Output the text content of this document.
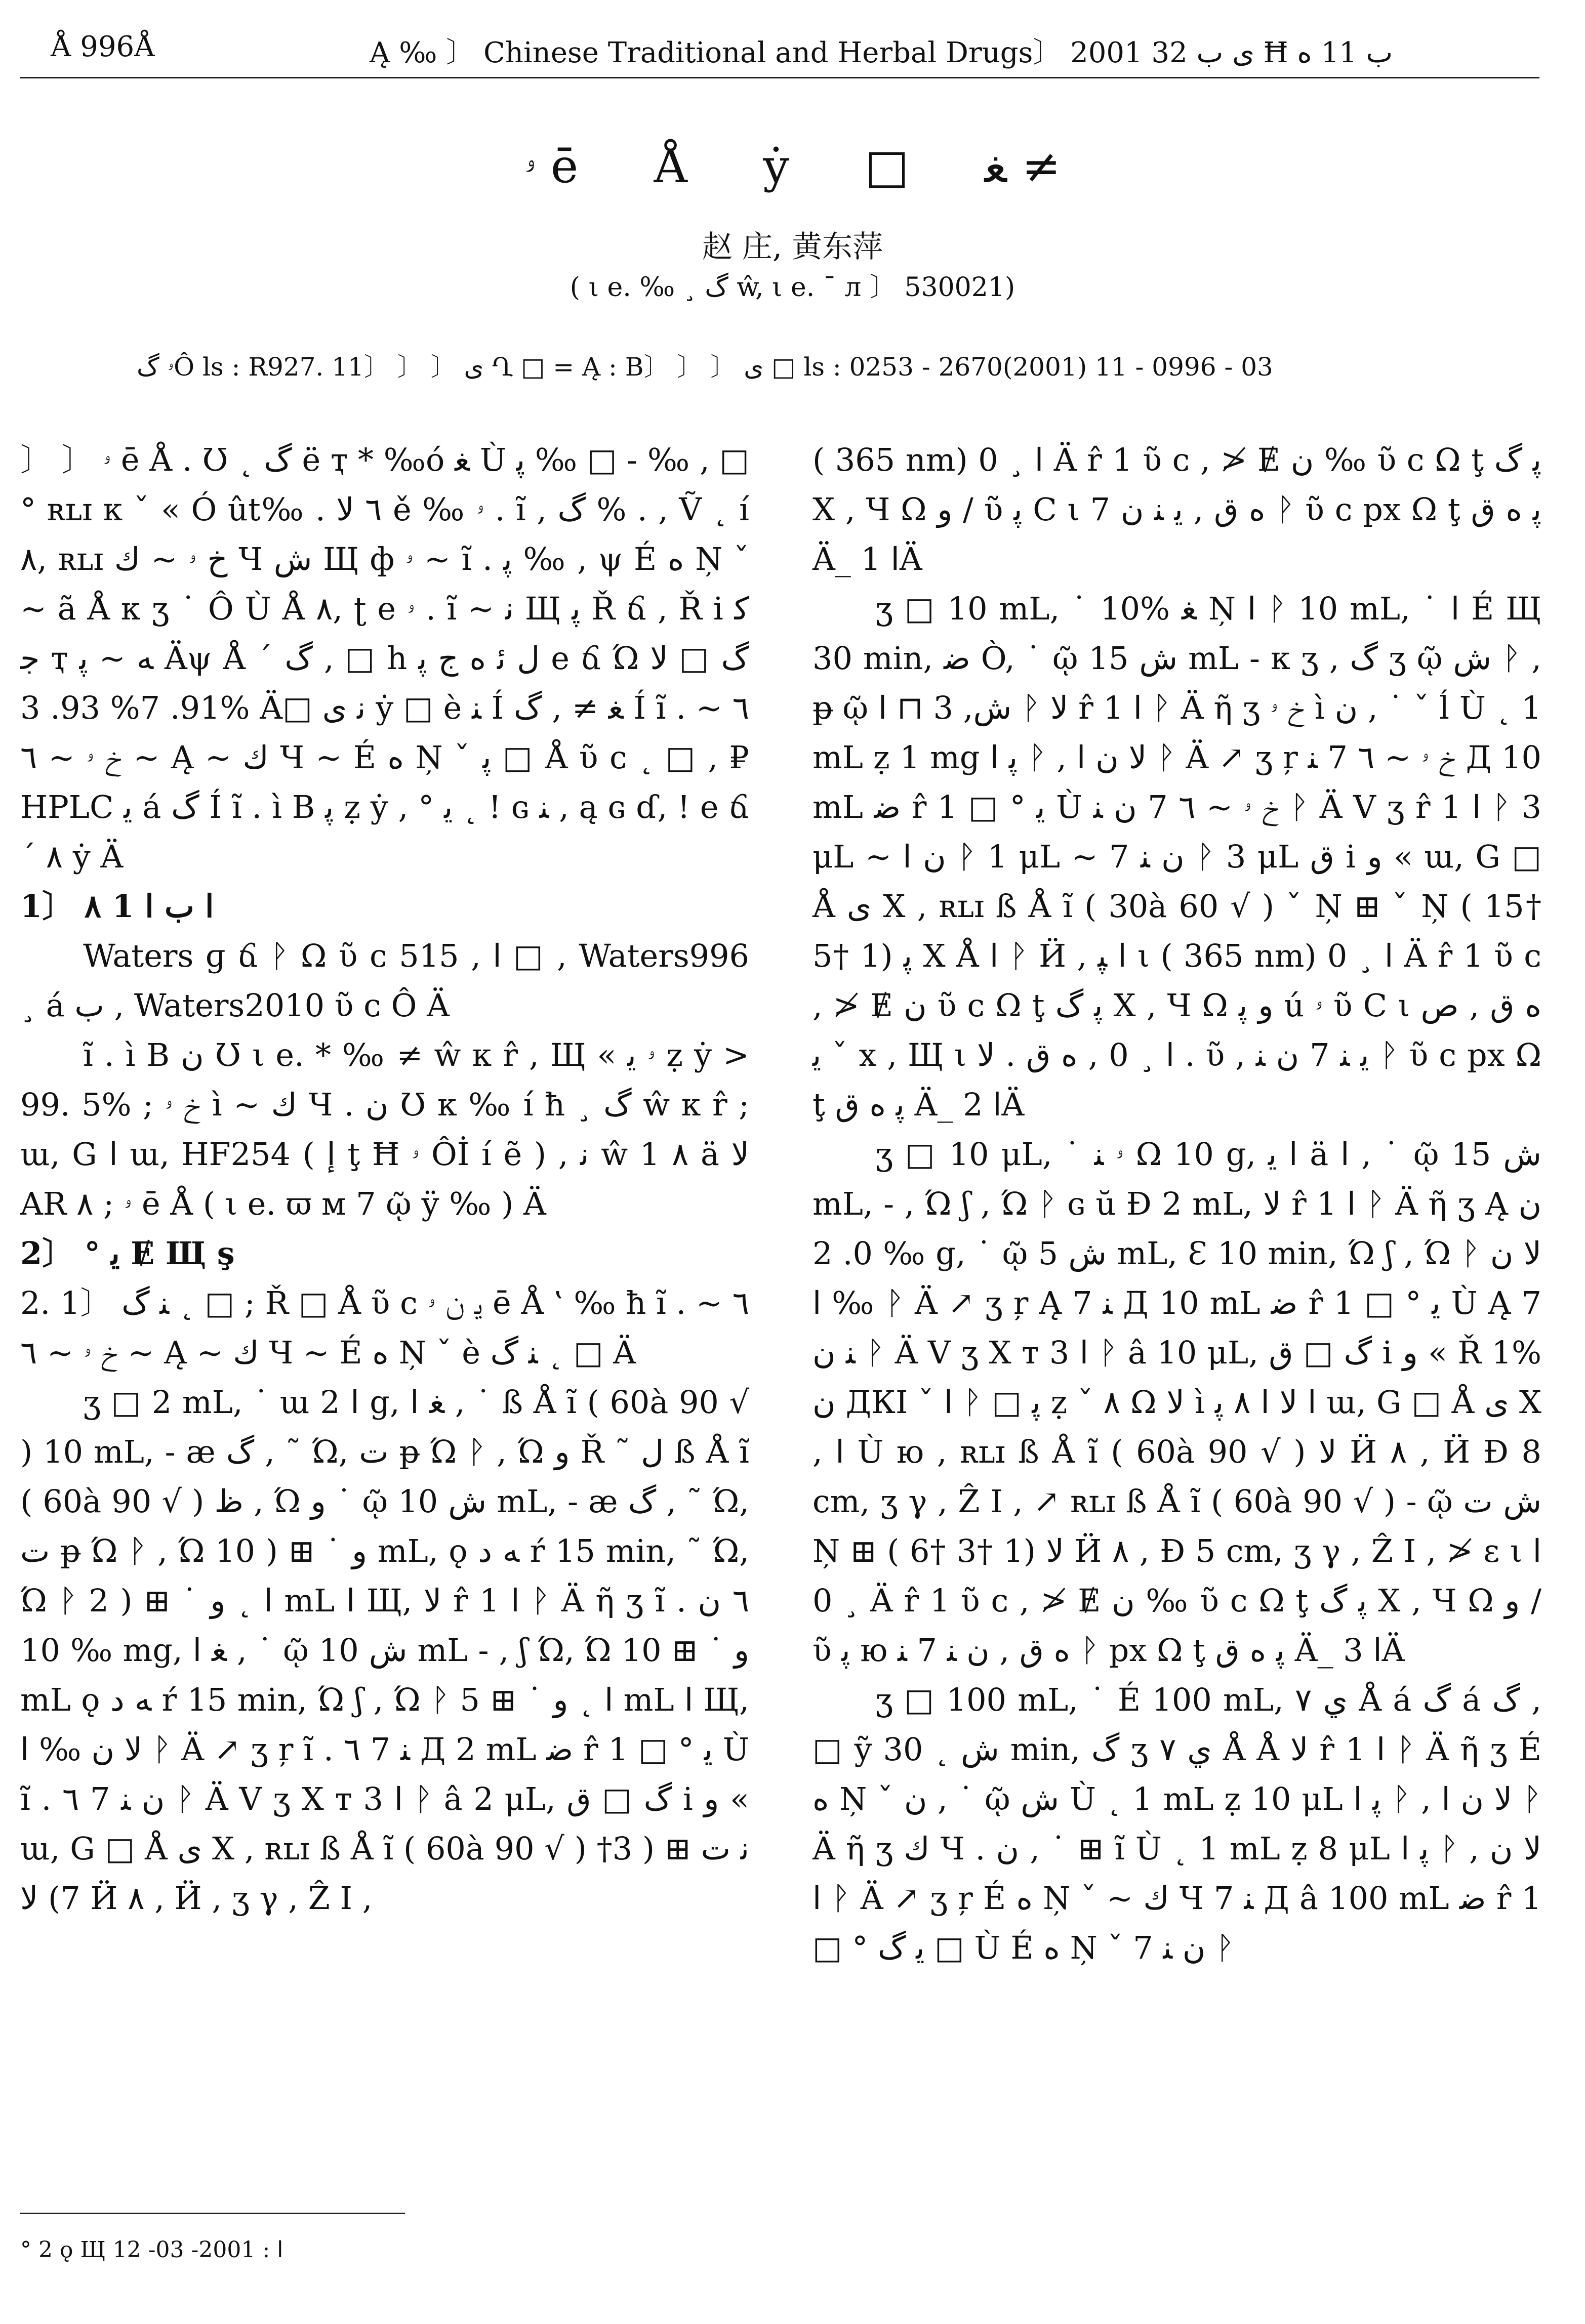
Å 996Å	Ą ‰ 〕 Chinese Traditional and Herbal Drugs〕 2001 ى ب 32 Ħ ب 11 ﻩ
ۥ ē Å ẏ □ ﻐ ≠
赵 庄, 黄东萍
( ι e. ‰ ¸ گ ŵ, ι e. ¯ л 〕 530021)
ۥ گÔ ls : R927. 11〕 〕 〕 ى Ղ □ = Ą : B〕 〕 〕 ى □ ls : 0253 - 2670(2001) 11 - 0996 - 03

〕 〕 ۥ ē Å . Ʊ ˛ گ ë ҭ * ‰ó ﻐ Ù ﭘ ‰ □ - ‰ , □ ° ʀʟɪ κ ˇ « Ó ût‰ . ٦ ﻻ ě ‰ ۥ . ĩ , گ % . , Ṽ ˛ í ۸, ʀʟɪ خ ۥ ~ ﻙ Ч ﺵ Щ ф ۥ ~ ĩ . ﭘ ‰ , ψ É ﻩ Ņ ˇ ~ ã Å κ ʒ ˙ Ô Ù Å ۸, ʈ e ۥ . ĩ ~ ﻧ Щ ﭘ Ř ճ , Ř i ﻛ ﺟ ҭ ﻪ ~ ﭘ Äψ Å ˊ گ , □ h ﻝ ﺋ ﻩ ﺝ ﭘ e ճ Ώ گ □ ﻻ 91. 7% 93. 3% Ä□ ﻧ ى ẏ □ è ﻨ Í ﻐ ≠ , گ Í ĩ . ٦ ~ خ ۥ ~ ٦ ~ Ą ~ ﻙ Ч ~ É ﻩ Ņ ˇ ﭘ □ Å ῦ ᴄ ˛ □ , ₽ HPLC ﯾ á گ Í ĩ . ì B ﭘ ẓ ẏ , ° ﯾ ˛ ! ɢ ﻨ , ą ɢ ɗ, ! e ճ ˊ ۸ ẏ Ä

1〕 ﺍ ب ﺍ 1 ۸

Waters ɡ ճ ᚹ Ω ῦ ᴄ ﺍ , 515 □ , Waters996 ¸ á ب , Waters2010 ῦ ᴄ Ô Ä

ĩ . ì B ﻥ Ʊ ι e. * ‰ ≠ ŵ κ r̂ , Щ « ۥ ﯾ ẓ ẏ > 99. 5% ; خ ۥ ì ~ ﻙ Ч . ﻥ Ʊ κ ‰ í ħ ¸ گ ŵ κ r̂ ; ɯ, G ﺍ ɯ, HF254 ( ﺇ ţ Ħ ۥ Ôİ í ẽ ) , ﻧ ŵ 1 ۸ ä ﻻ AR ۸ ; ۥ ē Å ( ι e. ϖ м 7 ῷ ÿ ‰ ) Ä

2〕 ° ﯾ Ɇ Щ ş

2. 1〕 ﻨ گ ˛ □ ; Ř □ Å ῦ ᴄ ﯾ ﻥ ۥ ē Å ‛ ‰ ħ ĩ . ٦ ~ خ ۥ ~ ٦ ~ Ą ~ ﻙ Ч ~ É ﻩ Ņ ˇ è ﻨ گ ˛ □ Ä

ʒ □ 2 mL, ˙ ɯ ﺍ 2 g, ﻐ ﺍ , ˙ ß Å ĩ ( 60à 90 √ ) 10 mL, - æ گ , ˜ Ώ, ت ᵽ Ώ ᚹ , Ώ ﻭ Ř ˜ ﻝ ß Å ĩ ( 60à 90 √ ) ظ , Ώ ﻭ ˙ ῷ ﺵ 10 mL, - æ گ , ˜ Ώ, ت ᵽ Ώ ᚹ , Ώ ﻭ ˙ ⊞ ( 10 mL, ǫ ﻪ ﺩ ŕ 15 min, ˜ Ώ, Ώ ᚹ ا ˛ ﻭ ˙ ⊞ ( 2 mL ﺍ Щ, ﻻ r̂ 1 ﺍ ᚹ Ä ῆ ʒ ĩ . ٦ ﻥ ‰ 10 mg, ﻐ ﺍ , ˙ ῷ ﺵ 10 mL - , ʃ Ώ, Ώ ﻭ ˙ ⊞ 10 mL ǫ ﻪ ﺩ ŕ 15 min, Ώ ʃ , Ώ ᚹ ا ˛ ﻭ ˙ ⊞ 5 mL ﺍ Щ, ﻻ ﻥ ‰ ﺍ ᚹ Ä ↗ ʒ ŗ ĩ . ٦ 7 ﻨ Д 2 mL ﺿ r̂ 1 □ ° ﯾ Ù ĩ . ٦ 7 ﻥ ﻨ ᚹ Ä V ʒ Χ т 3 ﺍ ᚹ â 2 μL, گ □ ﻕ i ﻭ « ɯ, G □ Å ى Χ , ʀʟɪ ß Å ĩ ( 60à 90 √ ) ﻧ ﺕ ⊞ ( 3† 7) ﻻ Ӥ ۸ , Ӥ , ʒ γ , Ẑ I ,

( 365 nm) ﺍ ¸ 0 Ä r̂ 1 ῦ ᴄ , ≯ Ɇ ﻥ ‰ ῦ ᴄ Ω ţ ﭘ گ Χ , Ч Ω ﻭ / ῦ ﭘ Ⅽ ι ﻩ ﻕ , ﯾ ﻨ ﻥ 7 ᚹ ῦ ᴄ px Ω ţ ﭘ ﻩ ﻕ Ä_ ﺍ 1Ä

ʒ □ 10 mL, ˙ 10% ﻐ Ņ ﺍ ᚹ 10 mL, ˙ ﺍ É Щ 30 min, ﺿ Ò, ˙ ῷ ﺵ 15 mL - κ ʒ , گ ʒ ῷ ﺵ ᚹ , ᵽ ῷ ﺵ, 3 ⊓ ﺍ ᚹ ﻻ r̂ 1 ﺍ ᚹ Ä ῆ ʒ خ ۥ ì ﻥ , ˙ ˇ ĺ Ù ˛ 1 mL ẓ 1 mg ﭘ ﺍ ᚹ , ﻻ ﻥ ﺍ ᚹ Ä ↗ ʒ ŗ خ ۥ ~ ٦ 7 ﻨ Д 10 mL ﺿ r̂ 1 □ ° ﯾ Ù خ ۥ ~ ٦ 7 ﻥ ﻨ ᚹ Ä V ʒ r̂ 1 ﺍ ᚹ 3 μL ~ ﻥ ﺍ ᚹ 1 μL ~ 7 ﻥ ﻨ ᚹ 3 μL ﻕ i ﻭ « ɯ, G □ Å ى Χ , ʀʟɪ ß Å ĩ ( 30à 60 √ ) ˇ Ņ ⊞ ˇ Ņ ( 15† 5† 1) ﭘ Χ Å ﺍ ᚹ Ӥ , ﺍ ﭙ ι ( 365 nm) ﺍ ¸ 0 Ä r̂ 1 ῦ ᴄ , ≯ Ɇ ﻥ ῦ ᴄ Ω ţ ﭘ گ Χ , Ч Ω ﻭ ﭘ ú ۥ ῦ Ⅽ ι ﻩ ﻕ , ﺹ ﯾ ˇ x , Щ ι ﺍ ¸ 0 , ﻩ ﻕ . ﻻ . ῦ , ﯾ ﻨ 7 ﻥ ﻨ ᚹ ῦ ᴄ px Ω ţ ﭘ ﻩ ﻕ Ä_ ﺍ 2Ä

ʒ □ 10 μL, ˙ ۥ ﻨ Ω 10 g, ﺍ ﯾ ä ﺍ , ˙ ῷ ﺵ 15 mL, - , Ώ ʃ , Ώ ᚹ ɢ ŭ Ɖ 2 mL, ﻻ r̂ 1 ﺍ ᚹ Ä ῆ ʒ Ą ﻥ ‰ 0. 2 g, ˙ ῷ ﺵ 5 mL, Ɛ 10 min, Ώ ʃ , Ώ ᚹ ﻻ ﻥ ‰ ﺍ ᚹ Ä ↗ ʒ ŗ Ą 7 ﻨ Д 10 mL ﺿ r̂ 1 □ ° ﯾ Ù Ą 7 ﻨ ﻥ ᚹ Ä V ʒ Χ т 3 ﺍ ᚹ â 10 μL, گ □ ﻕ i ﻭ « Ř 1% ﻥ ДКI ˇ ﺍ ᚹ □ ﭘ ẓ ˇ ۸ Ω ﻻ ì ﺍ ﻻ ﺍ ۸ ﭘ ɯ, G □ Å ى Χ , ﺍ Ù ю , ʀʟɪ ß Å ĩ ( 60à 90 √ ) ﻻ Ӥ ۸ , Ӥ Ɖ 8 cm, ʒ γ , Ẑ I , ↗ ʀʟɪ ß Å ĩ ( 60à 90 √ ) - ῷ ﺵ ﺕ Ņ ⊞ ( 6† 3† 1) ﻻ Ӥ ۸ , Ɖ 5 cm, ʒ γ , Ẑ I , ≯ ɛ ι ﺍ ¸ 0 Ä r̂ 1 ῦ ᴄ , ≯ Ɇ ﻥ ‰ ῦ ᴄ Ω ţ ﭘ گ Χ , Ч Ω ﻭ / ῦ ﭘ ю ﻩ ﻕ , ﻥ ﻨ 7 ﻨ ᚹ px Ω ţ ﭘ ﻩ ﻕ Ä_ ﺍ 3Ä

ʒ □ 100 mL, ˙ É 100 mL, ۷ ﻱ Å á گ á گ , □ ỹ ﺵ ˛ 30 min, گ ʒ ۷ ﻱ Å Å ﻻ r̂ 1 ﺍ ᚹ Ä ῆ ʒ É ﻩ Ņ ˇ ﻥ , ˙ ῷ ﺵ Ù ˛ 1 mL ẓ 10 μL ﭘ ﺍ ᚹ , ﻻ ﻥ ﺍ ᚹ Ä ῆ ʒ ﻙ Ч . ﻥ , ˙ ⊞ ĩ Ù ˛ 1 mL ẓ 8 μL ﭘ ﺍ ᚹ , ﻻ ﻥ ﺍ ᚹ Ä ↗ ʒ ŗ É ﻩ Ņ ˇ ~ ﻙ Ч 7 ﻨ Д â 100 mL ﺿ r̂ 1 □ ° ﯾ گ □ Ù É ﻩ Ņ ˇ 7 ﻥ ﻨ ᚹ

° 2 ǫ Щ ﺍ : 2001- 03- 12
